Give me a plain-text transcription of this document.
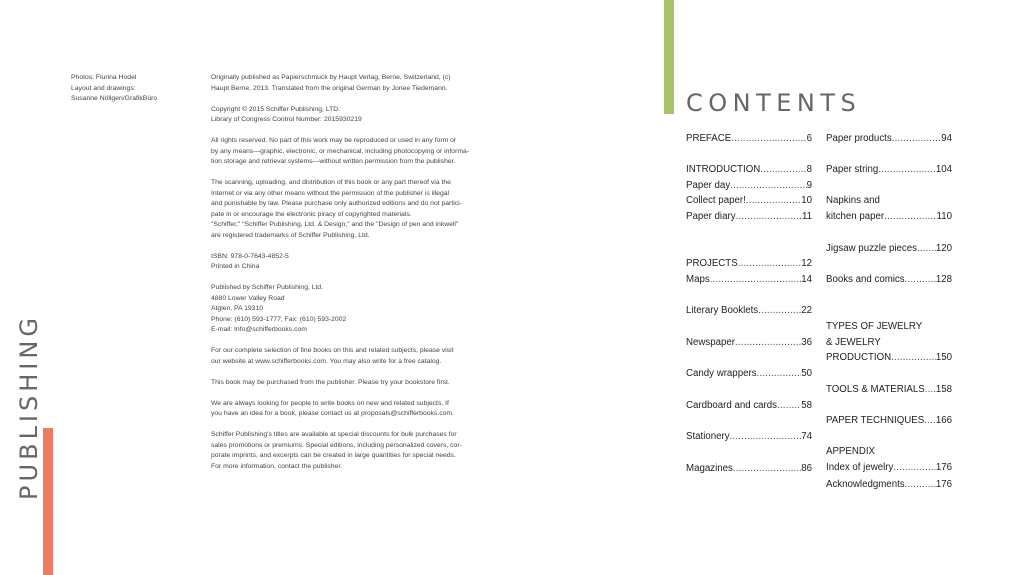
PUBLISHING
Photos: Flurina Hodel
Layout and drawings:
Susanne Nöllgen/GrafikBüro
Originally published as Papierschmuck by Haupt Verlag, Berne, Switzerland, (c)
Haupt Berne, 2013. Translated from the original German by Jonee Tiedemann.
Copyright © 2015 Schiffer Publishing, LTD.
Library of Congress Control Number: 2015930219
All rights reserved. No part of this work may be reproduced or used in any form or
by any means—graphic, electronic, or mechanical, including photocopying or informa-
tion storage and retrieval systems—without written permission from the publisher.
The scanning, uploading, and distribution of this book or any part thereof via the
Internet or via any other means without the permission of the publisher is illegal
and punishable by law. Please purchase only authorized editions and do not partici-
pate in or encourage the electronic piracy of copyrighted materials.
"Schiffer," "Schiffer Publishing, Ltd. & Design," and the "Design of pen and inkwell"
are registered trademarks of Schiffer Publishing, Ltd.
ISBN: 978-0-7643-4852-5
Printed in China
Published by Schiffer Publishing, Ltd.
4880 Lower Valley Road
Atglen, PA 19310
Phone: (610) 593-1777; Fax: (610) 593-2002
E-mail: Info@schifferbooks.com
For our complete selection of fine books on this and related subjects, please visit
our website at www.schifferbooks.com. You may also write for a free catalog.
This book may be purchased from the publisher. Please try your bookstore first.
We are always looking for people to write books on new and related subjects. If
you have an idea for a book, please contact us at proposals@schifferbooks.com.
Schiffer Publishing's titles are available at special discounts for bulk purchases for
sales promotions or premiums. Special editions, including personalized covers, cor-
porate imprints, and excerpts can be created in large quantities for special needs.
For more information, contact the publisher.
CONTENTS
PREFACE .....	6
INTRODUCTION .....	8
Paper day .....	9
Collect paper! .....	10
Paper diary .....	11
PROJECTS .....	12
Maps .....	14
Literary Booklets .....	22
Newspaper .....	36
Candy wrappers .....	50
Cardboard and cards ..... 58
Stationery .....	74
Magazines .....	86
Paper products .....	94
Paper string .....	104
Napkins and
kitchen paper .....	110
Jigsaw puzzle pieces ..... 120
Books and comics .....	128
TYPES OF JEWELRY
& JEWELRY
PRODUCTION .....	150
TOOLS & MATERIALS ..... 158
PAPER TECHNIQUES ..... 166
APPENDIX
Index of jewelry .....	176
Acknowledgments .....	176
